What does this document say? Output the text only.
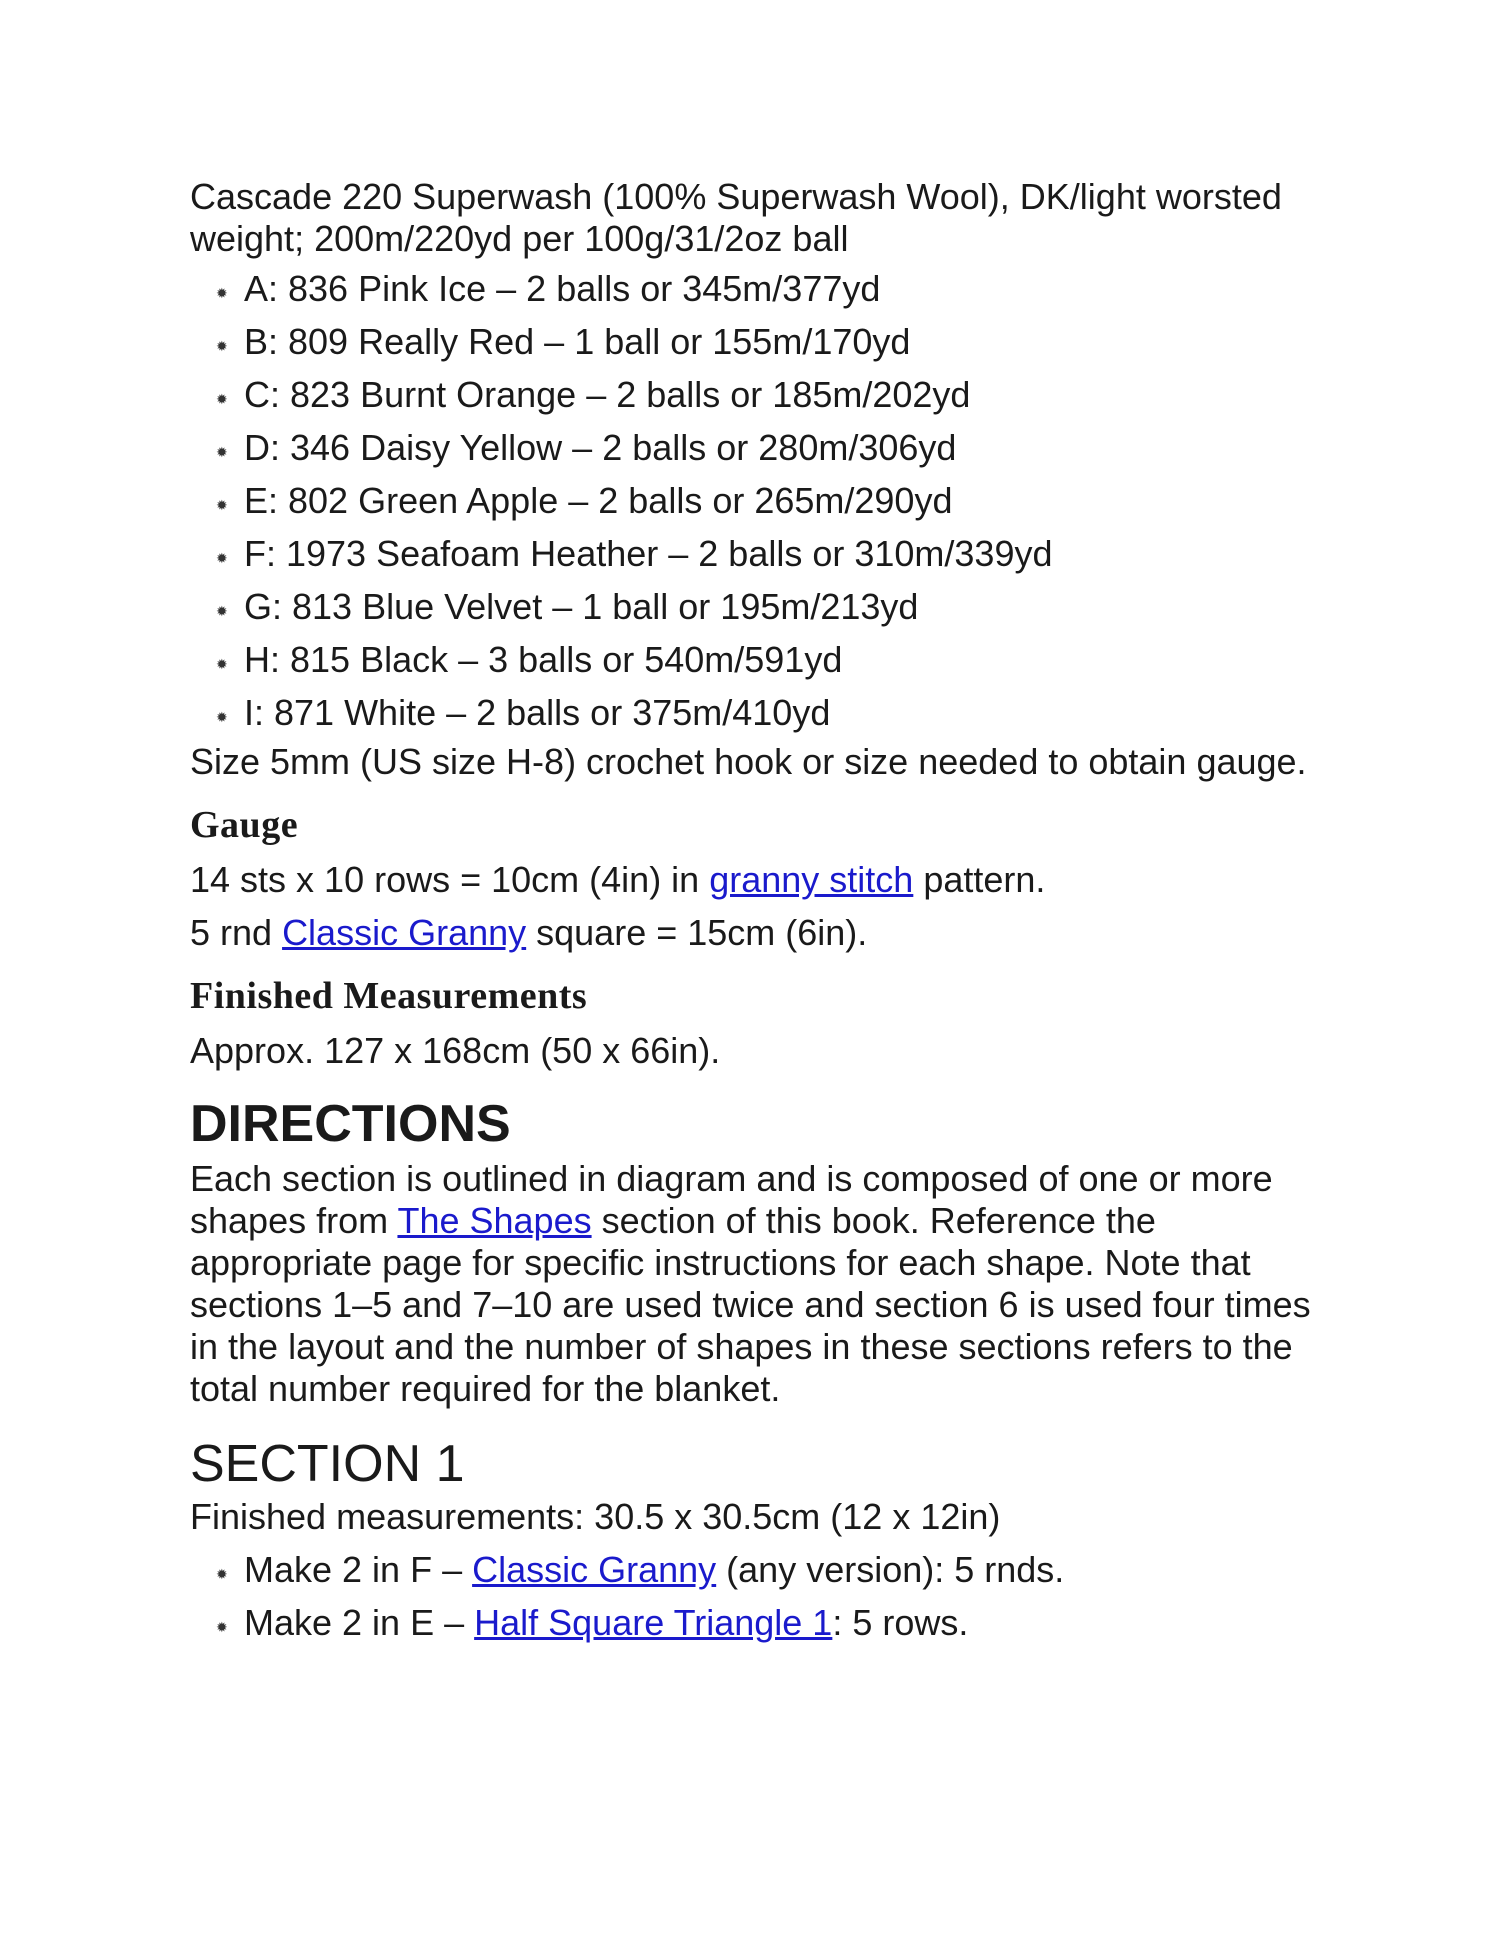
Cascade 220 Superwash (100% Superwash Wool), DK/light worsted weight; 200m/220yd per 100g/31/2oz ball

✹ A: 836 Pink Ice – 2 balls or 345m/377yd
✹ B: 809 Really Red – 1 ball or 155m/170yd
✹ C: 823 Burnt Orange – 2 balls or 185m/202yd
✹ D: 346 Daisy Yellow – 2 balls or 280m/306yd
✹ E: 802 Green Apple – 2 balls or 265m/290yd
✹ F: 1973 Seafoam Heather – 2 balls or 310m/339yd
✹ G: 813 Blue Velvet – 1 ball or 195m/213yd
✹ H: 815 Black – 3 balls or 540m/591yd
✹ I: 871 White – 2 balls or 375m/410yd

Size 5mm (US size H-8) crochet hook or size needed to obtain gauge.

Gauge

14 sts x 10 rows = 10cm (4in) in granny stitch pattern.

5 rnd Classic Granny square = 15cm (6in).

Finished Measurements

Approx. 127 x 168cm (50 x 66in).

DIRECTIONS

Each section is outlined in diagram and is composed of one or more shapes from The Shapes section of this book. Reference the appropriate page for specific instructions for each shape. Note that sections 1–5 and 7–10 are used twice and section 6 is used four times in the layout and the number of shapes in these sections refers to the total number required for the blanket.

SECTION 1

Finished measurements: 30.5 x 30.5cm (12 x 12in)

✹ Make 2 in F – Classic Granny (any version): 5 rnds.
✹ Make 2 in E – Half Square Triangle 1: 5 rows.
